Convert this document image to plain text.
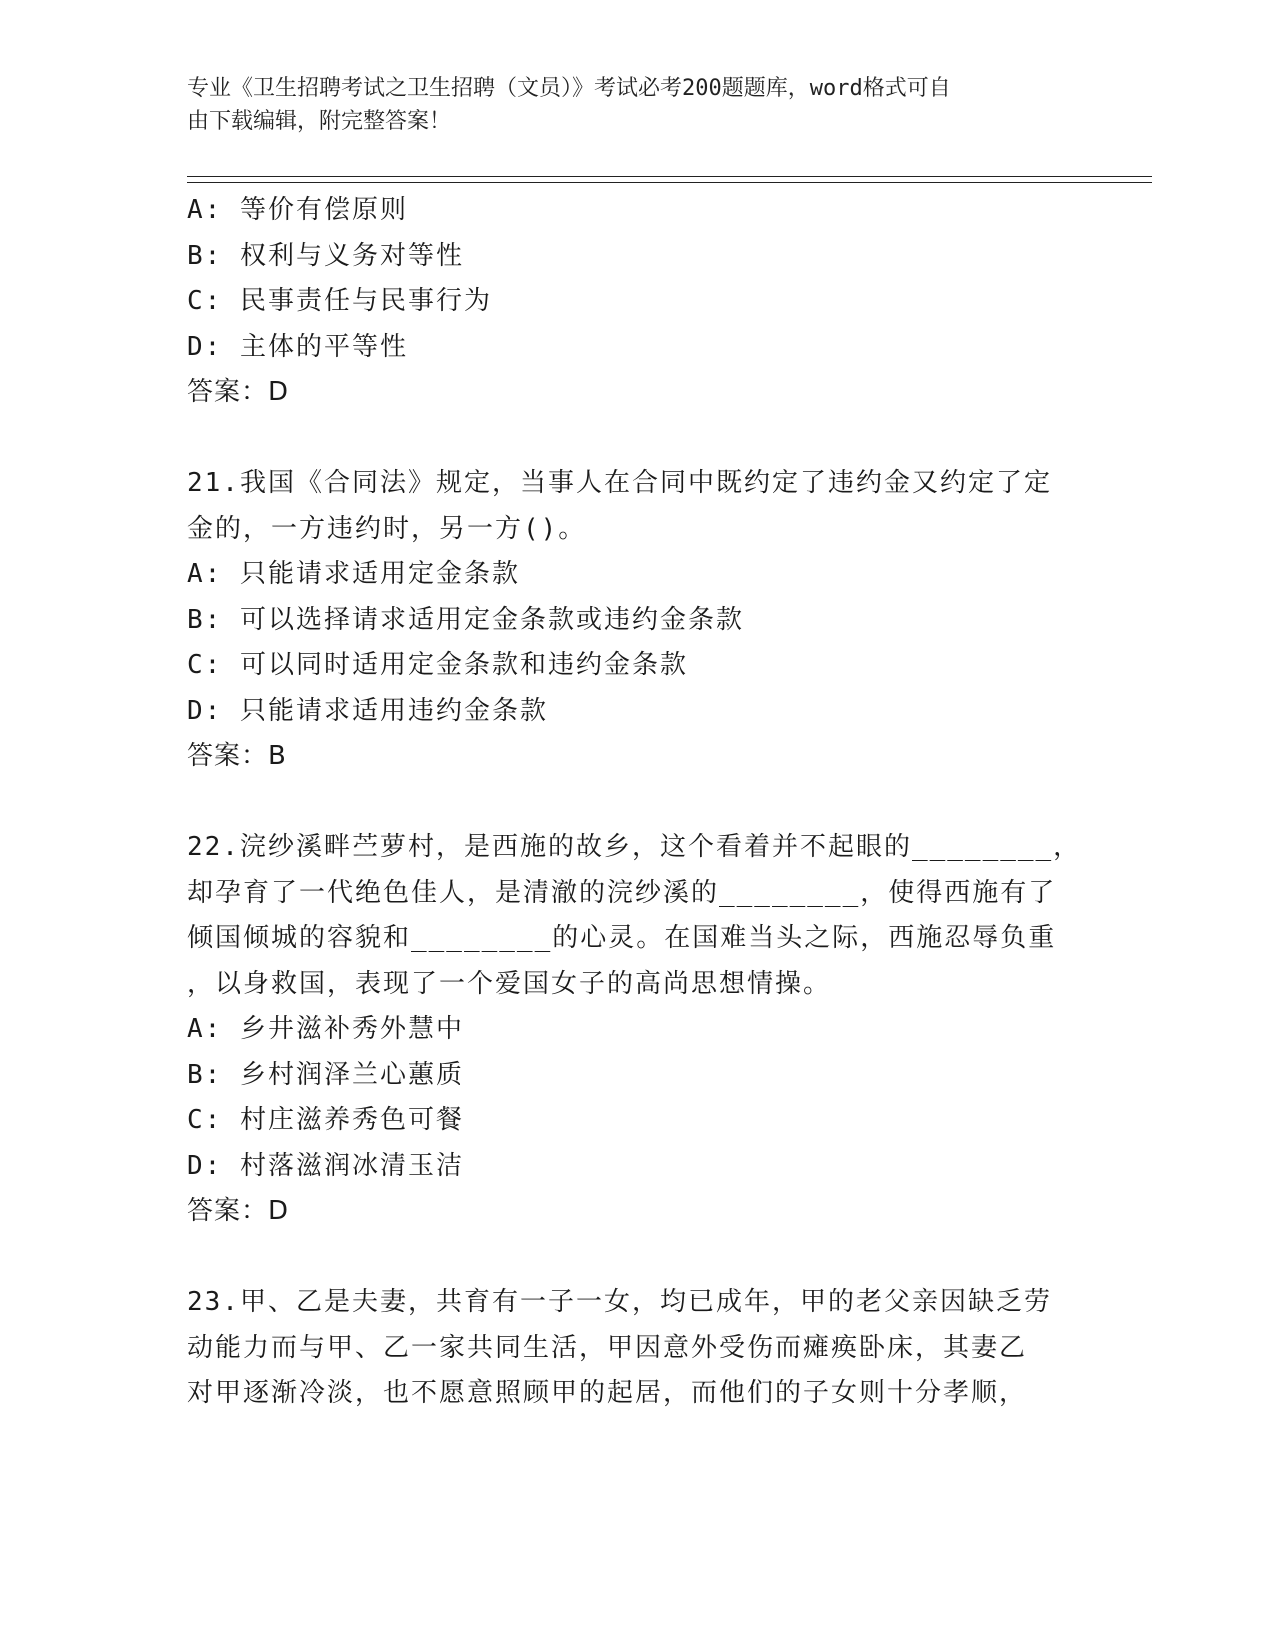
专业《卫生招聘考试之卫生招聘（文员）》考试必考200题题库，word格式可自
由下载编辑，附完整答案！
A: 等价有偿原则
B: 权利与义务对等性
C: 民事责任与民事行为
D: 主体的平等性
答案：D
21.我国《合同法》规定，当事人在合同中既约定了违约金又约定了定
金的，一方违约时，另一方()。
A: 只能请求适用定金条款
B: 可以选择请求适用定金条款或违约金条款
C: 可以同时适用定金条款和违约金条款
D: 只能请求适用违约金条款
答案：B
22.浣纱溪畔苎萝村，是西施的故乡，这个看着并不起眼的________，
却孕育了一代绝色佳人，是清澈的浣纱溪的________，使得西施有了
倾国倾城的容貌和________的心灵。在国难当头之际，西施忍辱负重
，以身救国，表现了一个爱国女子的高尚思想情操。
A: 乡井滋补秀外慧中
B: 乡村润泽兰心蕙质
C: 村庄滋养秀色可餐
D: 村落滋润冰清玉洁
答案：D
23.甲、乙是夫妻，共育有一子一女，均已成年，甲的老父亲因缺乏劳
动能力而与甲、乙一家共同生活，甲因意外受伤而瘫痪卧床，其妻乙
对甲逐渐冷淡，也不愿意照顾甲的起居，而他们的子女则十分孝顺，
